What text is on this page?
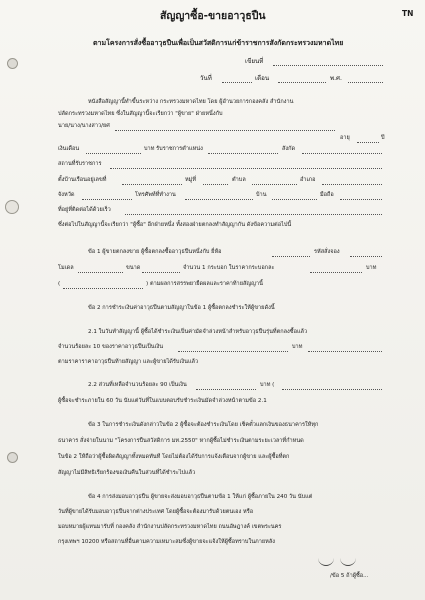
TN
สัญญาซื้อ-ขายอาวุธปืน
ตามโครงการสั่งซื้ออาวุธปืนเพื่อเป็นสวัสดิการแก่ข้าราชการสังกัดกระทรวงมหาดไทย
เขียนที่
วันที่	เดือน	พ.ศ.
หนังสือสัญญานี้ทำขึ้นระหว่าง กระทรวงมหาดไทย โดย ผู้อำนวยการกองคลัง สำนักงาน
ปลัดกระทรวงมหาดไทย ซึ่งในสัญญานี้จะเรียกว่า "ผู้ขาย" ฝ่ายหนึ่งกับ
นาย/นาง/นางสาว/ยศ
อายุ	ปี
เงินเดือน	บาท รับราชการตำแหน่ง	สังกัด
สถานที่รับราชการ
ตั้งบ้านเรือนอยู่เลขที่	หมู่ที่	ตำบล	อำเภอ
จังหวัด	โทรศัพท์ที่ทำงาน	บ้าน	มือถือ
ที่อยู่ที่ติดต่อได้ด้วยเร็ว
ซึ่งต่อไปในสัญญานี้จะเรียกว่า "ผู้ซื้อ" อีกฝ่ายหนึ่ง ทั้งสองฝ่ายตกลงทำสัญญากัน ดังข้อความต่อไปนี้
ข้อ 1 ผู้ขายตกลงขาย ผู้ซื้อตกลงซื้ออาวุธปืนหนึ่งกับ ยี่ห้อ	รหัสสั่งจอง
โมเดล	ขนาด	จำนวน 1 กระบอก ในราคากระบอกละ	บาท
(	) ตามผลการสรรพยายืดผลและราคาท้ายสัญญานี้
ข้อ 2 การชำระเงินค่าอาวุธปืนตามสัญญาในข้อ 1 ผู้ซื้อตกลงชำระให้ผู้ขายดังนี้
2.1 ในวันทำสัญญานี้ ผู้ซื้อได้ชำระเงินเป็นค่ามัดจำล่วงหน้าสำหรับอาวุธปืนรุ่นที่ตกลงซื้อแล้ว
จำนวนร้อยละ 10 ของราคาอาวุธปืนเป็นเงิน	บาท
ตามราคาราคาอาวุธปืนท้ายสัญญา และผู้ขายได้รับเงินแล้ว
2.2 ส่วนที่เหลือจำนวนร้อยละ 90 เป็นเงิน	บาท (
ผู้ซื้อจะชำระภายใน 60 วัน นับแต่วันที่ในแบบตอบรับชำระเงินมัดจำล่วงหน้าตามข้อ 2.1
ข้อ 3 ในการชำระเงินดังกล่าวในข้อ 2 ผู้ซื้อจะต้องชำระเงินโดย เช็คตั๋วแลกเงินของธนาคารให้ทุก
ธนาคาร สั่งจ่ายในนาม "โครงการปืนสวัสดิการ มท.2550" หากผู้ซื้อไม่ชำระเงินตามระยะเวลาที่กำหนด
ในข้อ 2 ให้ถือว่าผู้ซื้อผิดสัญญาทั้งหมดทันที โดยไม่ต้องได้รับการแจ้งเตือนจากผู้ขาย และผู้ซื้อที่ตก
สัญญาไม่มีสิทธิเรียกร้องขอเงินคืนในส่วนที่ได้ชำระไปแล้ว
ข้อ 4 การส่งมอบอาวุธปืน ผู้ขายจะส่งมอบอาวุธปืนตามข้อ 1 ให้แก่ ผู้ซื้อภายใน 240 วัน นับแต่
วันที่ผู้ขายได้รับมอบอาวุธปืนจากต่างประเทศ โดยผู้ซื้อจะต้องมารับด้วยตนเอง หรือ
มอบหมายผู้แทนมารับที่ กองคลัง สำนักงานปลัดกระทรวงมหาดไทย ถนนอัษฎางค์ เขตพระนคร
กรุงเทพฯ 10200 หรือสถานที่อื่นตามความเหมาะสมซึ่งผู้ขายจะแจ้งให้ผู้ซื้อทราบในภายหลัง
/ข้อ 5 ถ้าผู้ซื้อ...
